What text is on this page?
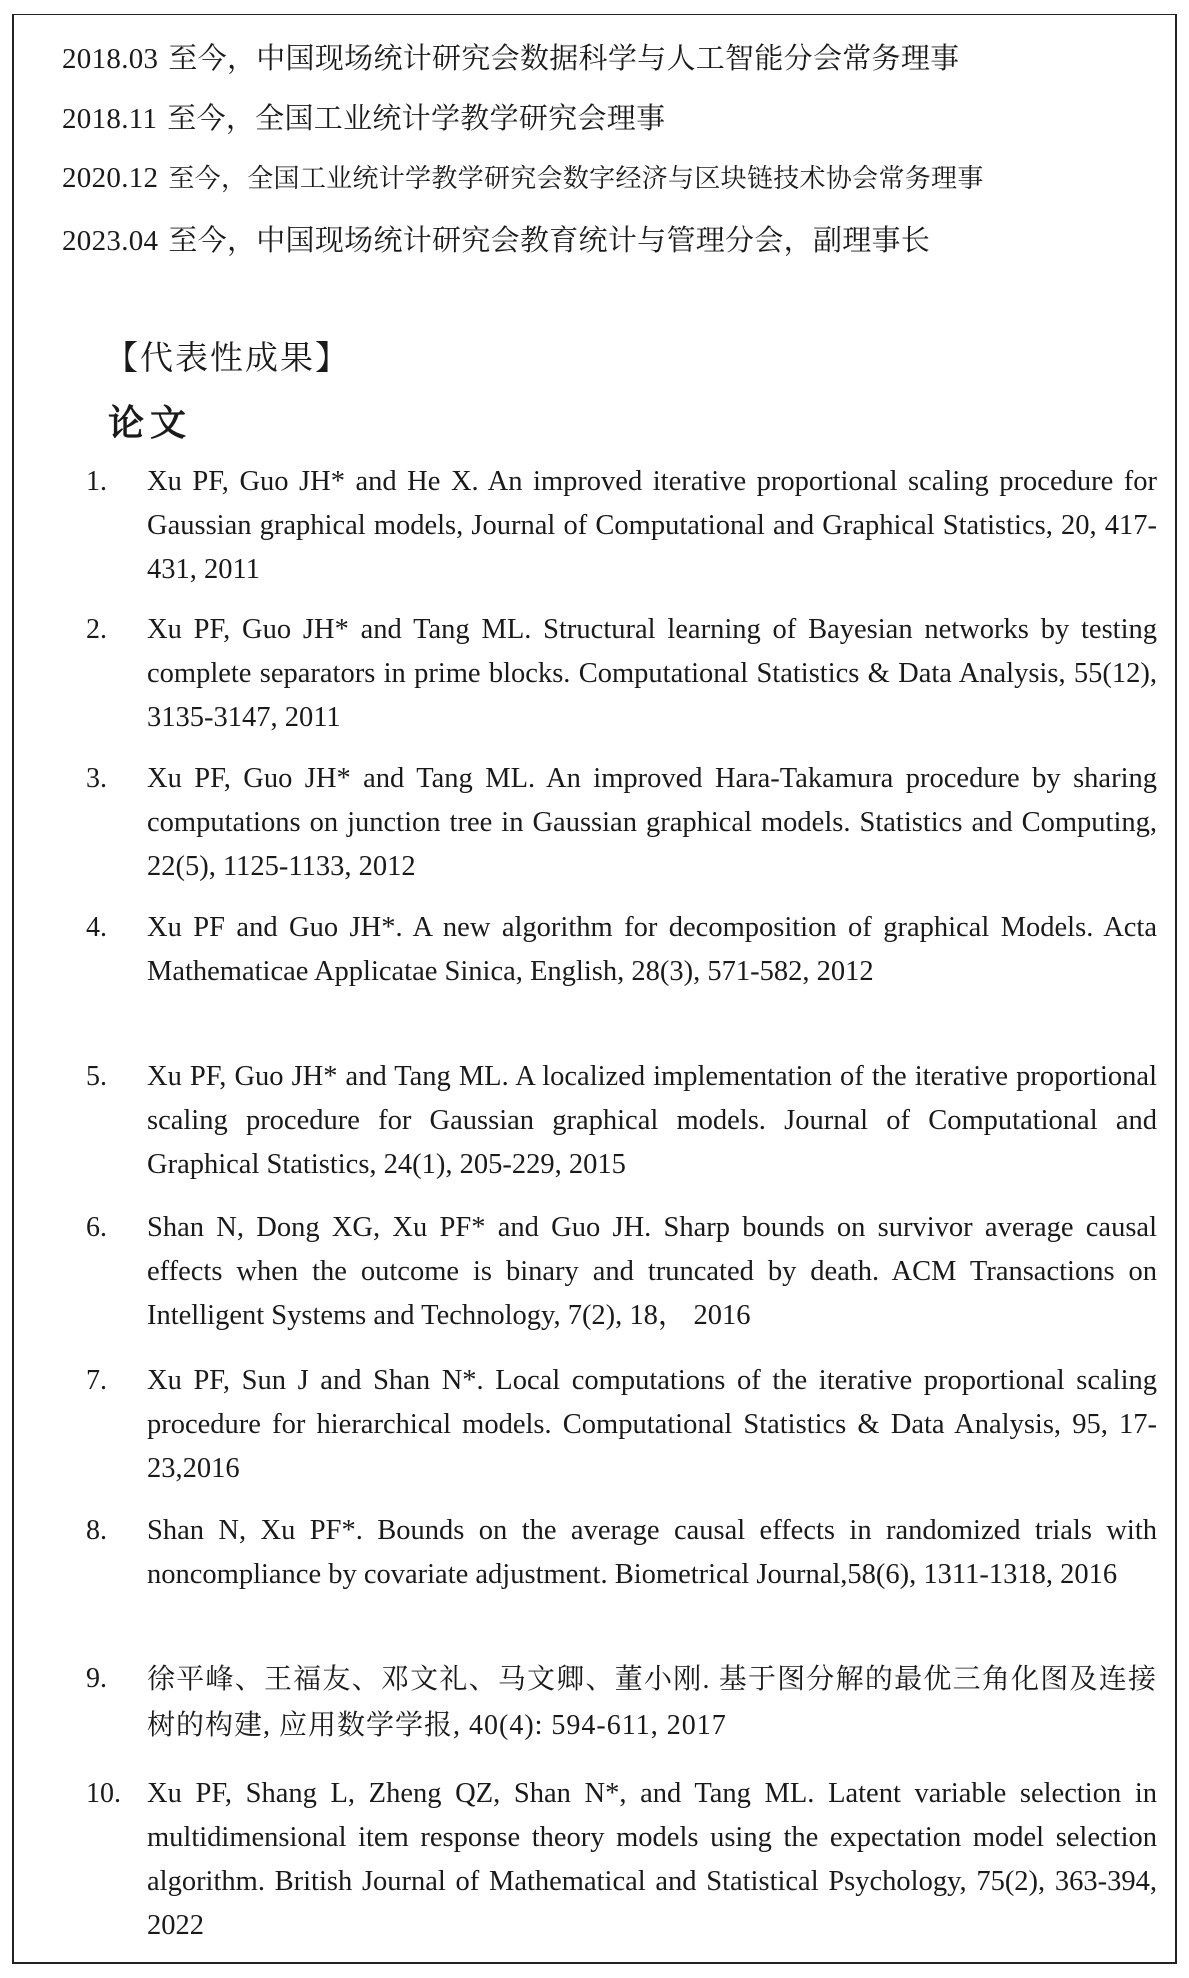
2018.03 至今，中国现场统计研究会数据科学与人工智能分会常务理事
2018.11 至今，全国工业统计学教学研究会理事
2020.12 至今，全国工业统计学教学研究会数字经济与区块链技术协会常务理事
2023.04 至今，中国现场统计研究会教育统计与管理分会，副理事长
【代表性成果】
论文
1. Xu PF, Guo JH* and He X. An improved iterative proportional scaling procedure for Gaussian graphical models, Journal of Computational and Graphical Statistics, 20, 417-431, 2011
2. Xu PF, Guo JH* and Tang ML. Structural learning of Bayesian networks by testing complete separators in prime blocks. Computational Statistics & Data Analysis, 55(12), 3135-3147, 2011
3. Xu PF, Guo JH* and Tang ML. An improved Hara-Takamura procedure by sharing computations on junction tree in Gaussian graphical models. Statistics and Computing, 22(5), 1125-1133, 2012
4. Xu PF and Guo JH*. A new algorithm for decomposition of graphical Models. Acta Mathematicae Applicatae Sinica, English, 28(3), 571-582, 2012
5. Xu PF, Guo JH* and Tang ML. A localized implementation of the iterative proportional scaling procedure for Gaussian graphical models. Journal of Computational and Graphical Statistics, 24(1), 205-229, 2015
6. Shan N, Dong XG, Xu PF* and Guo JH. Sharp bounds on survivor average causal effects when the outcome is binary and truncated by death. ACM Transactions on Intelligent Systems and Technology, 7(2), 18， 2016
7. Xu PF, Sun J and Shan N*. Local computations of the iterative proportional scaling procedure for hierarchical models. Computational Statistics & Data Analysis, 95, 17-23,2016
8. Shan N, Xu PF*. Bounds on the average causal effects in randomized trials with noncompliance by covariate adjustment. Biometrical Journal,58(6), 1311-1318, 2016
9. 徐平峰、王福友、邓文礼、马文卿、董小刚. 基于图分解的最优三角化图及连接树的构建, 应用数学学报, 40(4): 594-611, 2017
10. Xu PF, Shang L, Zheng QZ, Shan N*, and Tang ML. Latent variable selection in multidimensional item response theory models using the expectation model selection algorithm. British Journal of Mathematical and Statistical Psychology, 75(2), 363-394, 2022
